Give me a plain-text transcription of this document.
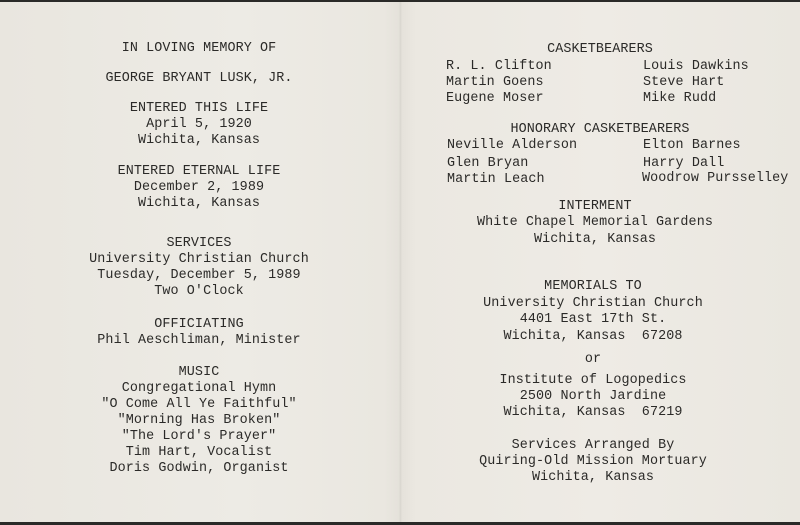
IN LOVING MEMORY OF
GEORGE BRYANT LUSK, JR.
ENTERED THIS LIFE
April 5, 1920
Wichita, Kansas
ENTERED ETERNAL LIFE
December 2, 1989
Wichita, Kansas
SERVICES
University Christian Church
Tuesday, December 5, 1989
Two O'Clock
OFFICIATING
Phil Aeschliman, Minister
MUSIC
Congregational Hymn
"O Come All Ye Faithful"
"Morning Has Broken"
"The Lord's Prayer"
Tim Hart, Vocalist
Doris Godwin, Organist
CASKETBEARERS
R. L. Clifton
Martin Goens
Eugene Moser
Louis Dawkins
Steve Hart
Mike Rudd
HONORARY CASKETBEARERS
Neville Alderson
Glen Bryan
Martin Leach
Elton Barnes
Harry Dall
Woodrow Pursselley
INTERMENT
White Chapel Memorial Gardens
Wichita, Kansas
MEMORIALS TO
University Christian Church
4401 East 17th St.
Wichita, Kansas  67208
or
Institute of Logopedics
2500 North Jardine
Wichita, Kansas  67219
Services Arranged By
Quiring-Old Mission Mortuary
Wichita, Kansas
